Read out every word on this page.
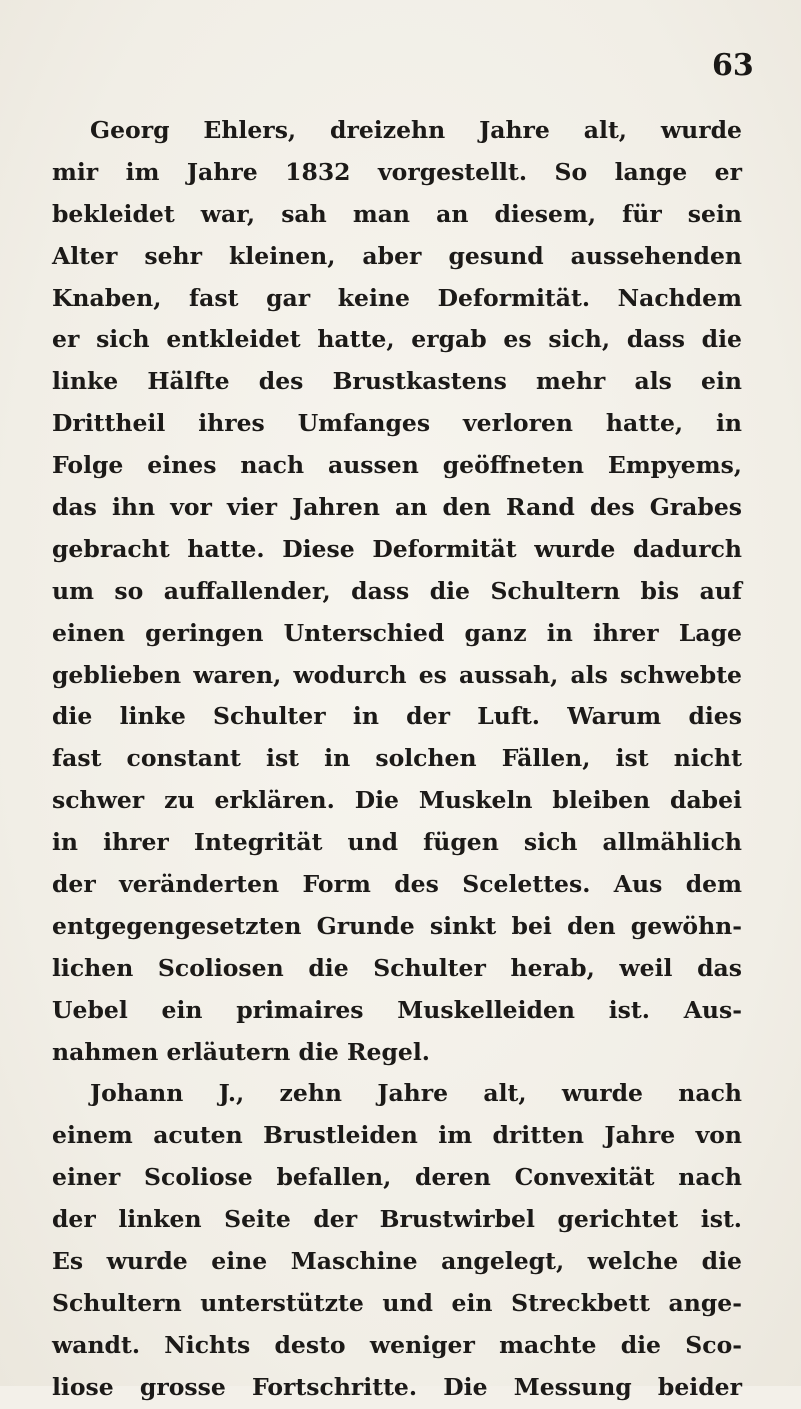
63
Georg Ehlers, dreizehn Jahre alt, wurde
mir im Jahre 1832 vorgestellt. So lange er
bekleidet war, sah man an diesem, für sein
Alter sehr kleinen, aber gesund aussehenden
Knaben, fast gar keine Deformität. Nachdem
er sich entkleidet hatte, ergab es sich, dass die
linke Hälfte des Brustkastens mehr als ein
Drittheil ihres Umfanges verloren hatte, in
Folge eines nach aussen geöffneten Empyems,
das ihn vor vier Jahren an den Rand des Grabes
gebracht hatte. Diese Deformität wurde dadurch
um so auffallender, dass die Schultern bis auf
einen geringen Unterschied ganz in ihrer Lage
geblieben waren, wodurch es aussah, als schwebte
die linke Schulter in der Luft. Warum dies
fast constant ist in solchen Fällen, ist nicht
schwer zu erklären. Die Muskeln bleiben dabei
in ihrer Integrität und fügen sich allmählich
der veränderten Form des Scelettes. Aus dem
entgegengesetzten Grunde sinkt bei den gewöhn-
lichen Scoliosen die Schulter herab, weil das
Uebel ein primaires Muskelleiden ist. Aus-
nahmen erläutern die Regel.
Johann J., zehn Jahre alt, wurde nach
einem acuten Brustleiden im dritten Jahre von
einer Scoliose befallen, deren Convexität nach
der linken Seite der Brustwirbel gerichtet ist.
Es wurde eine Maschine angelegt, welche die
Schultern unterstützte und ein Streckbett ange-
wandt. Nichts desto weniger machte die Sco-
liose grosse Fortschritte. Die Messung beider
